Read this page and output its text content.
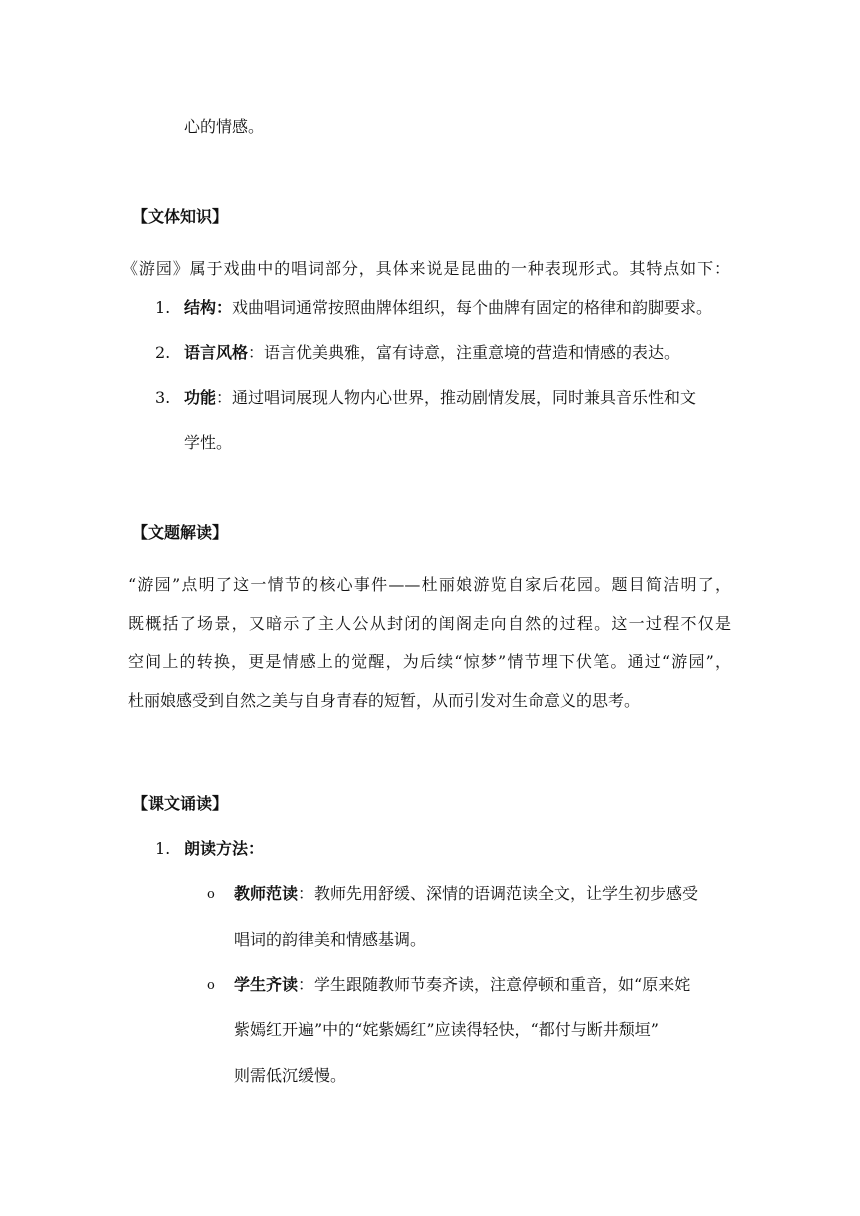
心的情感。
【文体知识】
《游园》属于戏曲中的唱词部分，具体来说是昆曲的一种表现形式。其特点如下：
1. 结构：戏曲唱词通常按照曲牌体组织，每个曲牌有固定的格律和韵脚要求。
2. 语言风格：语言优美典雅，富有诗意，注重意境的营造和情感的表达。
3. 功能：通过唱词展现人物内心世界，推动剧情发展，同时兼具音乐性和文
学性。
【文题解读】
“游园”点明了这一情节的核心事件——杜丽娘游览自家后花园。题目简洁明了，
既概括了场景，又暗示了主人公从封闭的闺阁走向自然的过程。这一过程不仅是
空间上的转换，更是情感上的觉醒，为后续“惊梦”情节埋下伏笔。通过“游园”，
杜丽娘感受到自然之美与自身青春的短暂，从而引发对生命意义的思考。
【课文诵读】
1. 朗读方法：
o 教师范读：教师先用舒缓、深情的语调范读全文，让学生初步感受
唱词的韵律美和情感基调。
o 学生齐读：学生跟随教师节奏齐读，注意停顿和重音，如“原来姹
紫嫣红开遍”中的“姹紫嫣红”应读得轻快，“都付与断井颓垣”
则需低沉缓慢。
